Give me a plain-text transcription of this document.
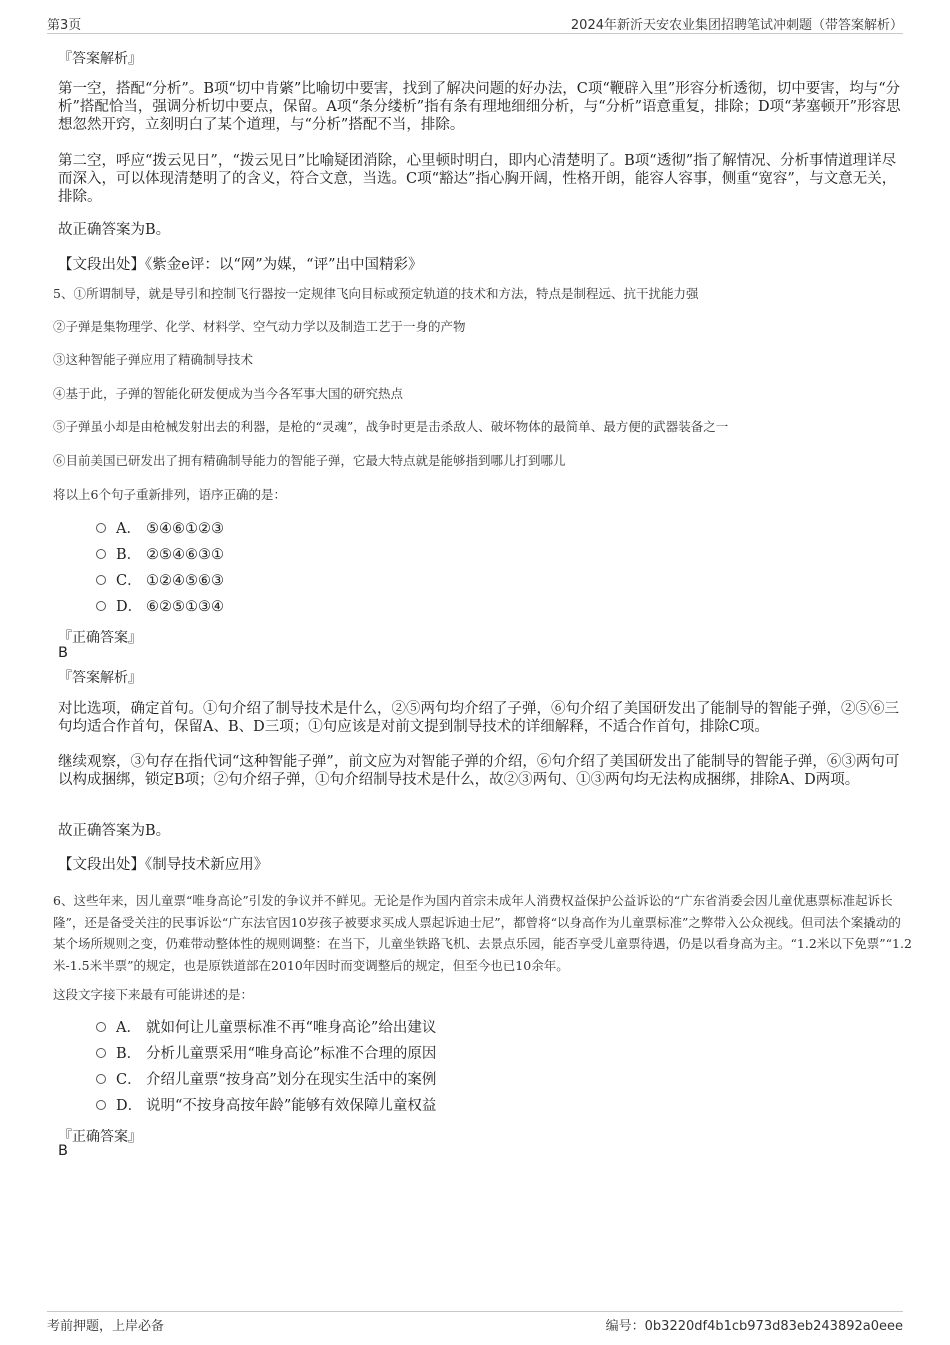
第3页	2024年新沂天安农业集团招聘笔试冲刺题（带答案解析）
『答案解析』
第一空，搭配“分析”。B项“切中肯綮”比喻切中要害，找到了解决问题的好办法，C项“鞭辟入里”形容分析透彻，切中要害，均与“分析”搭配恰当，强调分析切中要点，保留。A项“条分缕析”指有条有理地细细分析，与“分析”语意重复，排除；D项“茅塞顿开”形容思想忽然开窍，立刻明白了某个道理，与“分析”搭配不当，排除。
第二空，呼应“拨云见日”，“拨云见日”比喻疑团消除，心里顿时明白，即内心清楚明了。B项“透彻”指了解情况、分析事情道理详尽而深入，可以体现清楚明了的含义，符合文意，当选。C项“豁达”指心胸开阔，性格开朗，能容人容事，侧重“宽容”，与文意无关，排除。
故正确答案为B。
【文段出处】《紫金e评：以“网”为媒，“评”出中国精彩》
5、①所谓制导，就是导引和控制飞行器按一定规律飞向目标或预定轨道的技术和方法，特点是制程远、抗干扰能力强
②子弹是集物理学、化学、材料学、空气动力学以及制造工艺于一身的产物
③这种智能子弹应用了精确制导技术
④基于此，子弹的智能化研发便成为当今各军事大国的研究热点
⑤子弹虽小却是由枪械发射出去的利器，是枪的“灵魂”，战争时更是击杀敌人、破坏物体的最简单、最方便的武器装备之一
⑥目前美国已研发出了拥有精确制导能力的智能子弹，它最大特点就是能够指到哪儿打到哪儿
将以上6个句子重新排列，语序正确的是：
A． ⑤④⑥①②③
B． ②⑤④⑥③①
C． ①②④⑤⑥③
D． ⑥②⑤①③④
『正确答案』
B
『答案解析』
对比选项，确定首句。①句介绍了制导技术是什么，②⑤两句均介绍了子弹，⑥句介绍了美国研发出了能制导的智能子弹，②⑤⑥三句均适合作首句，保留A、B、D三项；①句应该是对前文提到制导技术的详细解释，不适合作首句，排除C项。
继续观察，③句存在指代词“这种智能子弹”，前文应为对智能子弹的介绍，⑥句介绍了美国研发出了能制导的智能子弹，⑥③两句可以构成捆绑，锁定B项；②句介绍子弹，①句介绍制导技术是什么，故②③两句、①③两句均无法构成捆绑，排除A、D两项。
故正确答案为B。
【文段出处】《制导技术新应用》
6、这些年来，因儿童票“唯身高论”引发的争议并不鲜见。无论是作为国内首宗未成年人消费权益保护公益诉讼的“广东省消委会因儿童优惠票标准起诉长隆”，还是备受关注的民事诉讼“广东法官因10岁孩子被要求买成人票起诉迪士尼”，都曾将“以身高作为儿童票标准”之弊带入公众视线。但司法个案撬动的某个场所规则之变，仍难带动整体性的规则调整：在当下，儿童坐铁路飞机、去景点乐园，能否享受儿童票待遇，仍是以看身高为主。“1.2米以下免票”“1.2米-1.5米半票”的规定，也是原铁道部在2010年因时而变调整后的规定，但至今也已10余年。
这段文字接下来最有可能讲述的是：
A． 就如何让儿童票标准不再“唯身高论”给出建议
B． 分析儿童票采用“唯身高论”标准不合理的原因
C． 介绍儿童票“按身高”划分在现实生活中的案例
D． 说明“不按身高按年龄”能够有效保障儿童权益
『正确答案』
B
考前押题，上岸必备	编号：0b3220df4b1cb973d83eb243892a0eee
